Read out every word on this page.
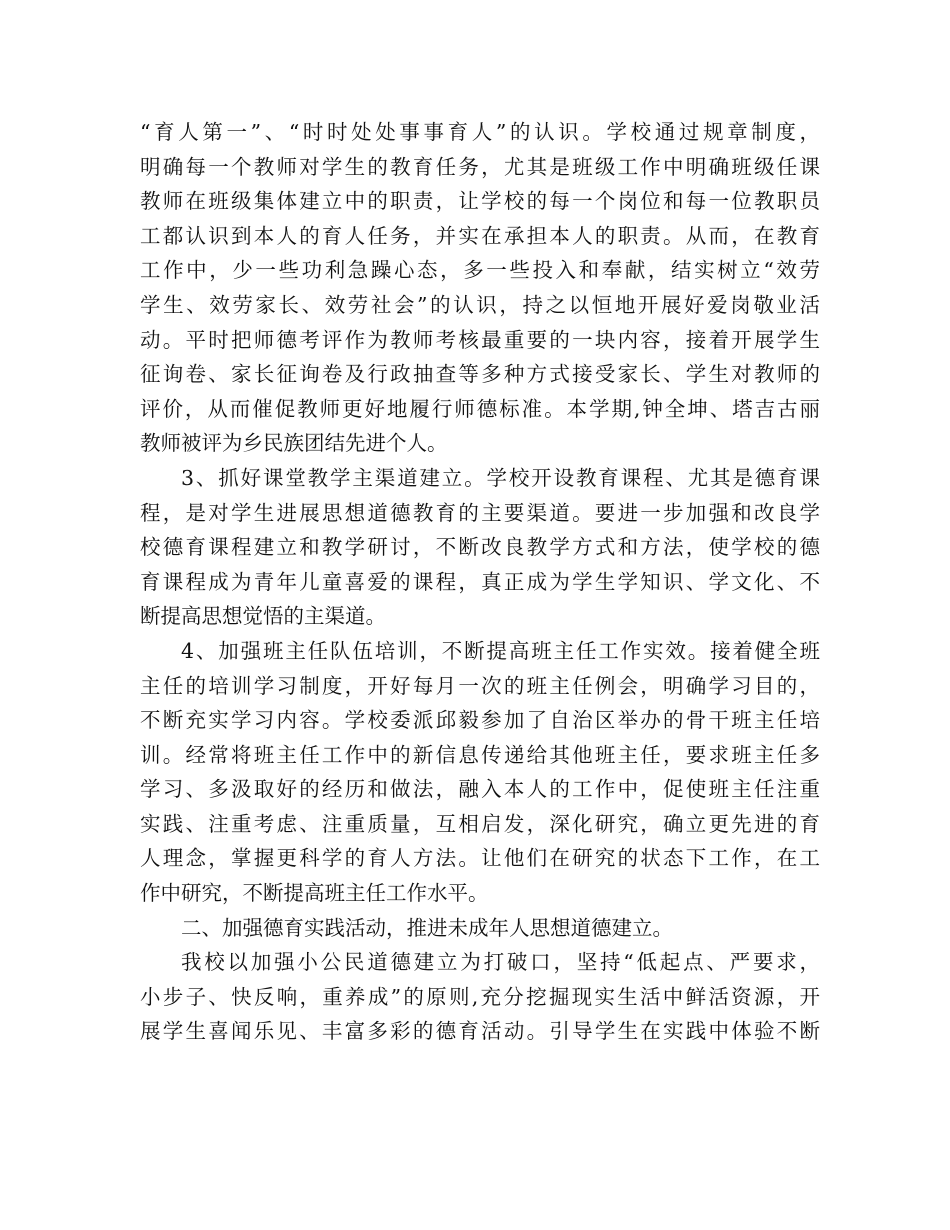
“育人第一”、“时时处处事事育人”的认识。学校通过规章制度，
明确每一个教师对学生的教育任务，尤其是班级工作中明确班级任课
教师在班级集体建立中的职责，让学校的每一个岗位和每一位教职员
工都认识到本人的育人任务，并实在承担本人的职责。从而，在教育
工作中，少一些功利急躁心态，多一些投入和奉献，结实树立“效劳
学生、效劳家长、效劳社会”的认识，持之以恒地开展好爱岗敬业活
动。平时把师德考评作为教师考核最重要的一块内容，接着开展学生
征询卷、家长征询卷及行政抽查等多种方式接受家长、学生对教师的
评价，从而催促教师更好地履行师德标准。本学期,钟全坤、塔吉古丽
教师被评为乡民族团结先进个人。
3、抓好课堂教学主渠道建立。学校开设教育课程、尤其是德育课
程，是对学生进展思想道德教育的主要渠道。要进一步加强和改良学
校德育课程建立和教学研讨，不断改良教学方式和方法，使学校的德
育课程成为青年儿童喜爱的课程，真正成为学生学知识、学文化、不
断提高思想觉悟的主渠道。
4、加强班主任队伍培训，不断提高班主任工作实效。接着健全班
主任的培训学习制度，开好每月一次的班主任例会，明确学习目的，
不断充实学习内容。学校委派邱毅参加了自治区举办的骨干班主任培
训。经常将班主任工作中的新信息传递给其他班主任，要求班主任多
学习、多汲取好的经历和做法，融入本人的工作中，促使班主任注重
实践、注重考虑、注重质量，互相启发，深化研究，确立更先进的育
人理念，掌握更科学的育人方法。让他们在研究的状态下工作，在工
作中研究，不断提高班主任工作水平。
二、加强德育实践活动，推进未成年人思想道德建立。
我校以加强小公民道德建立为打破口，坚持“低起点、严要求，
小步子、快反响，重养成”的原则,充分挖掘现实生活中鲜活资源，开
展学生喜闻乐见、丰富多彩的德育活动。引导学生在实践中体验不断
